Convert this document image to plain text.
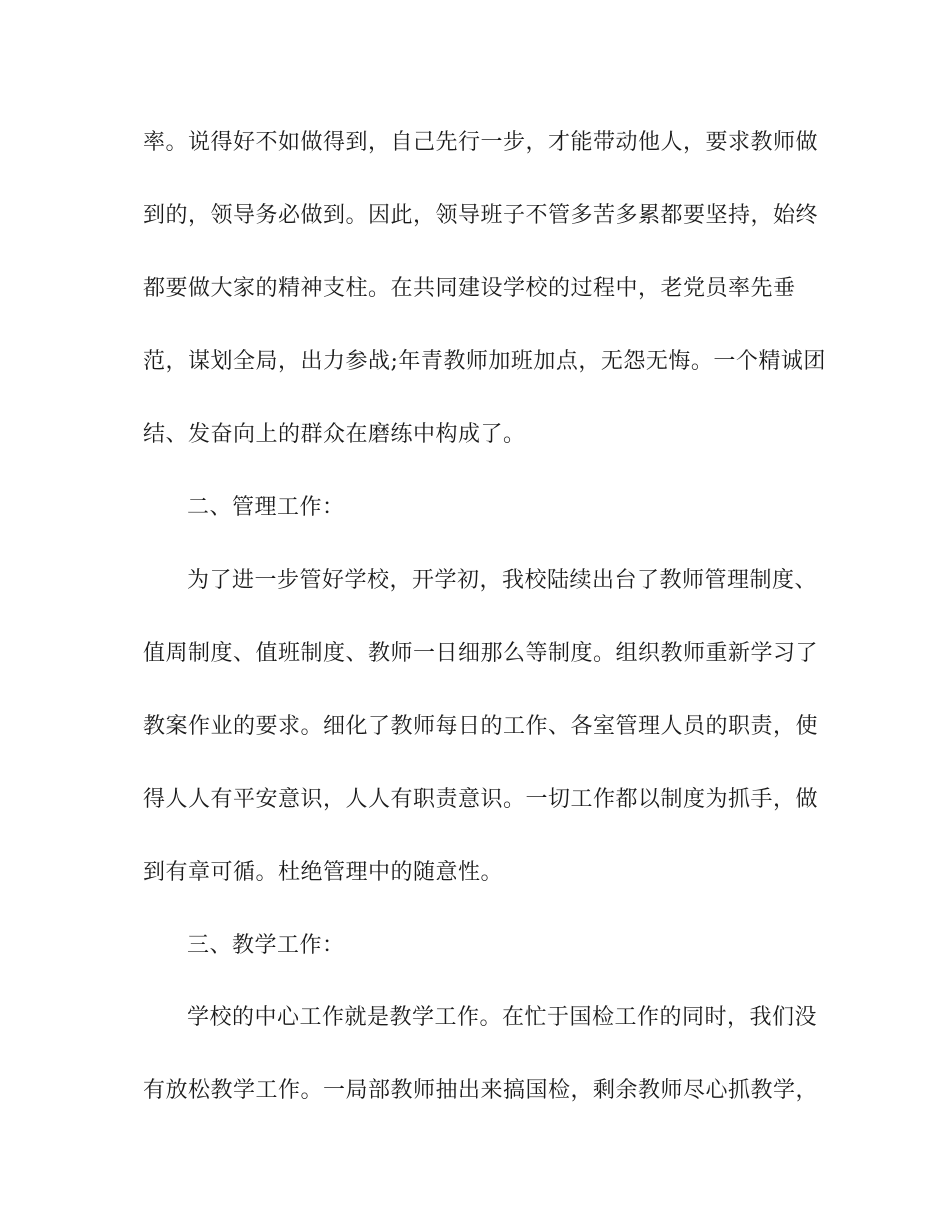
率。说得好不如做得到，自己先行一步，才能带动他人，要求教师做
到的，领导务必做到。因此，领导班子不管多苦多累都要坚持，始终
都要做大家的精神支柱。在共同建设学校的过程中，老党员率先垂
范，谋划全局，出力参战;年青教师加班加点，无怨无悔。一个精诚团
结、发奋向上的群众在磨练中构成了。
二、管理工作：
为了进一步管好学校，开学初，我校陆续出台了教师管理制度、
值周制度、值班制度、教师一日细那么等制度。组织教师重新学习了
教案作业的要求。细化了教师每日的工作、各室管理人员的职责，使
得人人有平安意识，人人有职责意识。一切工作都以制度为抓手，做
到有章可循。杜绝管理中的随意性。
三、教学工作：
学校的中心工作就是教学工作。在忙于国检工作的同时，我们没
有放松教学工作。一局部教师抽出来搞国检，剩余教师尽心抓教学，
